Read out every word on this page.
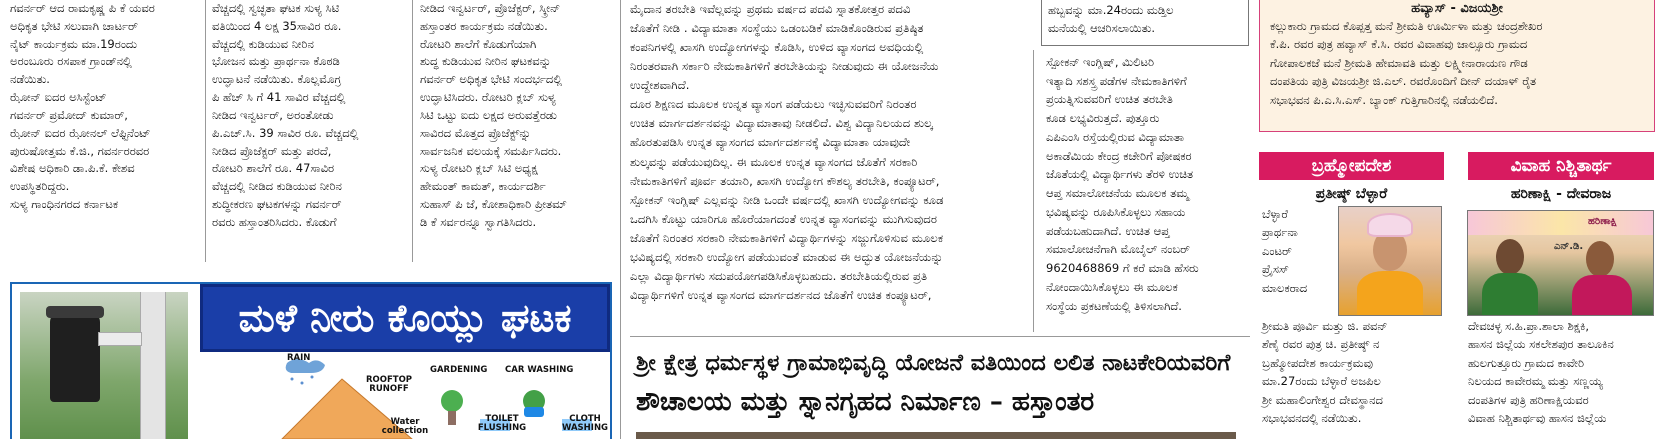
ಗವರ್ನರ್ ಆದ ರಾಮಕೃಷ್ಣ ಪಿ ಕೆ ಯವರ
ಅಧಿಕೃತ ಭೇಟಿ ಸಲುವಾಗಿ ಚಾರ್ಟರ್
ನೈಟ್ ಕಾರ್ಯಕ್ರಮ ಮಾ.19ರಂದು
ಅರಂಬೂರು ರಸಪಾಕ ಗ್ರಾಂಡ್‌ನಲ್ಲಿ
ನಡೆಯಿತು.
ಝೋನ್ ಐದರ ಅಸಿಸ್ಟೆಂಟ್
ಗವರ್ನರ್ ಪ್ರಮೋದ್ ಕುಮಾರ್,
ಝೋನ್ ಐದರ ಝೋನಲ್ ಲೆಫ್ಟಿನೆಂಟ್
ಪುರುಷೋತ್ತಮ ಕೆ.ಜಿ., ಗವರ್ನರರವರ
ವಿಶೇಷ ಅಧಿಕಾರಿ ಡಾ.ಪಿ.ಕೆ. ಕೇಶವ
ಉಪಸ್ಥಿತರಿದ್ದರು.
ಸುಳ್ಯ ಗಾಂಧಿನಗರದ ಕರ್ನಾಟಕ
ವೆಚ್ಚದಲ್ಲಿ ಸ್ವಚ್ಛತಾ ಘಟಕ ಸುಳ್ಯ ಸಿಟಿ
ವತಿಯಿಂದ 4 ಲಕ್ಷ 35ಸಾವಿರ ರೂ.
ವೆಚ್ಚದಲ್ಲಿ ಕುಡಿಯುವ ನೀರಿನ
ಭೋಜನ ಮತ್ತು ಪ್ರಾರ್ಥನಾ ಕೊಠಡಿ
ಉದ್ಘಾಟನೆ ನಡೆಯಿತು. ಕೊಲ್ಲಮೊಗ್ರ
ಪಿ ಹೆಚ್ ಸಿ ಗೆ 41 ಸಾವಿರ ವೆಚ್ಚದಲ್ಲಿ
ನೀಡಿದ ಇನ್ವರ್ಟರ್, ಅರಂತೋಡು
ಪಿ.ಎಚ್.ಸಿ. 39 ಸಾವಿರ ರೂ. ವೆಚ್ಚದಲ್ಲಿ
ನೀಡಿದ ಪ್ರೊಜೆಕ್ಟರ್ ಮತ್ತು ಪರದೆ,
ರೋಟರಿ ಶಾಲೆಗೆ ರೂ. 47ಸಾವಿರ
ವೆಚ್ಚದಲ್ಲಿ ನೀಡಿದ ಕುಡಿಯುವ ನೀರಿನ
ಶುದ್ಧೀಕರಣ ಘಟಕಗಳನ್ನು ಗವರ್ನರ್
ರವರು ಹಸ್ತಾಂತರಿಸಿದರು. ಕೊಡುಗೆ
ನೀಡಿದ ಇನ್ವರ್ಟರ್, ಪ್ರೊಜೆಕ್ಟರ್, ಸ್ಕ್ರೀನ್
ಹಸ್ತಾಂತರ ಕಾರ್ಯಕ್ರಮ ನಡೆಯಿತು.
ರೋಟರಿ ಶಾಲೆಗೆ ಕೊಡುಗೆಯಾಗಿ
ಶುದ್ಧ ಕುಡಿಯುವ ನೀರಿನ ಘಟಕವನ್ನು
ಗವರ್ನರ್ ಅಧಿಕೃತ ಭೇಟಿ ಸಂದರ್ಭದಲ್ಲಿ
ಉದ್ಘಾಟಿಸಿದರು. ರೋಟರಿ ಕ್ಲಬ್ ಸುಳ್ಯ
ಸಿಟಿ ಒಟ್ಟು ಐದು ಲಕ್ಷದ ಅರುವತ್ತೆರಡು
ಸಾವಿರದ ಮೊತ್ತದ ಪ್ರೊಜೆಕ್ಟ್‌ನ್ನು
ಸಾರ್ವಜನಿಕ ವಲಯಕ್ಕೆ ಸಮರ್ಪಿಸಿದರು.
ಸುಳ್ಯ ರೋಟರಿ ಕ್ಲಬ್ ಸಿಟಿ ಅಧ್ಯಕ್ಷ
ಹೇಮಂತ್ ಕಾಮತ್, ಕಾರ್ಯದರ್ಶಿ
ಸುಹಾಸ್ ಪಿ ಜೆ, ಕೋಶಾಧಿಕಾರಿ ಪ್ರೀತಮ್
ಡಿ ಕೆ ಸರ್ವರನ್ನೂ ಸ್ವಾಗತಿಸಿದರು.
ಮೈದಾನ ತರಬೇತಿ ಇವೆಲ್ಲವನ್ನು ಪ್ರಥಮ ವರ್ಷದ ಪದವಿ ಸ್ನಾತಕೋತ್ತರ ಪದವಿ
ಜೊತೆಗೆ ನೀಡಿ . ವಿದ್ಯಾಮಾತಾ ಸಂಸ್ಥೆಯು ಒಡಂಬಡಿಕೆ ಮಾಡಿಕೊಂಡಿರುವ ಪ್ರತಿಷ್ಠಿತ
ಕಂಪನಿಗಳಲ್ಲಿ ಖಾಸಗಿ ಉದ್ಯೋಗಗಳನ್ನು ಕೊಡಿಸಿ, ಉಳಿದ ವ್ಯಾಸಂಗದ ಅವಧಿಯಲ್ಲಿ
ನಿರಂತರವಾಗಿ ಸರ್ಕಾರಿ ನೇಮಕಾತಿಗಳಿಗೆ ತರಬೇತಿಯನ್ನು ನೀಡುವುದು ಈ ಯೋಜನೆಯ
ಉದ್ದೇಶವಾಗಿದೆ.
ದೂರ ಶಿಕ್ಷಣದ ಮೂಲಕ ಉನ್ನತ ವ್ಯಾಸಂಗ ಪಡೆಯಲು ಇಚ್ಛಿಸುವವರಿಗೆ ನಿರಂತರ
ಉಚಿತ ಮಾರ್ಗದರ್ಶನವನ್ನು ವಿದ್ಯಾಮಾತಾವು ನೀಡಲಿದೆ. ವಿಶ್ವ ವಿದ್ಯಾನಿಲಯದ ಶುಲ್ಕ
ಹೊರತುಪಡಿಸಿ ಉನ್ನತ ವ್ಯಾಸಂಗದ ಮಾರ್ಗದರ್ಶನಕ್ಕೆ ವಿದ್ಯಾಮಾತಾ ಯಾವುದೇ
ಶುಲ್ಕವನ್ನು ಪಡೆಯುವುದಿಲ್ಲ. ಈ ಮೂಲಕ ಉನ್ನತ ವ್ಯಾಸಂಗದ ಜೊತೆಗೆ ಸರಕಾರಿ
ನೇಮಕಾತಿಗಳಿಗೆ ಪೂರ್ವ ತಯಾರಿ, ಖಾಸಗಿ ಉದ್ಯೋಗ ಕೌಶಲ್ಯ ತರಬೇತಿ, ಕಂಪ್ಯೂಟರ್,
ಸ್ಪೋಕನ್ ಇಂಗ್ಲಿಷ್ ಎಲ್ಲವನ್ನು ನೀಡಿ ಒಂದೇ ವರ್ಷದಲ್ಲಿ ಖಾಸಗಿ ಉದ್ಯೋಗವನ್ನು ಕೂಡ
ಒದಗಿಸಿ ಕೊಟ್ಟು ಯಾರಿಗೂ ಹೊರೆಯಾಗದಂತೆ ಉನ್ನತ ವ್ಯಾಸಂಗವನ್ನು ಮುಗಿಸುವುದರ
ಜೊತೆಗೆ ನಿರಂತರ ಸರಕಾರಿ ನೇಮಕಾತಿಗಳಿಗೆ ವಿದ್ಯಾರ್ಥಿಗಳನ್ನು ಸಜ್ಜುಗೊಳಿಸುವ ಮೂಲಕ
ಭವಿಷ್ಯದಲ್ಲಿ ಸರಕಾರಿ ಉದ್ಯೋಗ ಪಡೆಯುವಂತೆ ಮಾಡುವ ಈ ಅದ್ಭುತ ಯೋಜನೆಯನ್ನು
ಎಲ್ಲಾ ವಿದ್ಯಾರ್ಥಿಗಳು ಸದುಪಯೋಗಪಡಿಸಿಕೊಳ್ಳಬಹುದು. ತರಬೇತಿಯಲ್ಲಿರುವ ಪ್ರತಿ
ವಿದ್ಯಾರ್ಥಿಗಳಿಗೆ ಉನ್ನತ ವ್ಯಾಸಂಗದ ಮಾರ್ಗದರ್ಶನದ ಜೊತೆಗೆ ಉಚಿತ ಕಂಪ್ಯೂಟರ್,
ಹಬ್ಬವನ್ನು ಮಾ.24ರಂದು ಮಡ್ತಿಲ
ಮನೆಯಲ್ಲಿ ಆಚರಿಸಲಾಯಿತು.
ಸ್ಪೋಕನ್ ಇಂಗ್ಲಿಷ್, ಮಿಲಿಟರಿ
ಇತ್ಯಾದಿ ಸಶಸ್ತ್ರ ಪಡೆಗಳ ನೇಮಕಾತಿಗಳಿಗೆ
ಪ್ರಯತ್ನಿಸುವವರಿಗೆ ಉಚಿತ ತರಬೇತಿ
ಕೂಡ ಲಭ್ಯವಿರುತ್ತದೆ. ಪುತ್ತೂರು
ಎಪಿಎಂಸಿ ರಸ್ತೆಯಲ್ಲಿರುವ ವಿದ್ಯಾಮಾತಾ
ಅಕಾಡೆಮಿಯ ಕೇಂದ್ರ ಕಚೇರಿಗೆ ಪೋಷಕರ
ಜೊತೆಯಲ್ಲಿ ವಿದ್ಯಾರ್ಥಿಗಳು ತೆರಳಿ ಉಚಿತ
ಆಪ್ತ ಸಮಾಲೋಚನೆಯ ಮೂಲಕ ತಮ್ಮ
ಭವಿಷ್ಯವನ್ನು ರೂಪಿಸಿಕೊಳ್ಳಲು ಸಹಾಯ
ಪಡೆಯಬಹುದಾಗಿದೆ. ಉಚಿತ ಆಪ್ತ
ಸಮಾಲೋಚನೆಗಾಗಿ ಮೊಬೈಲ್ ನಂಬರ್
9620468869 ಗೆ ಕರೆ ಮಾಡಿ ಹೆಸರು
ನೋಂದಾಯಿಸಿಕೊಳ್ಳಲು ಈ ಮೂಲಕ
ಸಂಸ್ಥೆಯ ಪ್ರಕಟಣೆಯಲ್ಲಿ ತಿಳಿಸಲಾಗಿದೆ.
ಶ್ರೀ ಕ್ಷೇತ್ರ ಧರ್ಮಸ್ಥಳ ಗ್ರಾಮಾಭಿವೃದ್ಧಿ ಯೋಜನೆ ವತಿಯಿಂದ ಲಲಿತ ನಾಟಕೇರಿಯವರಿಗೆ
ಶೌಚಾಲಯ ಮತ್ತು ಸ್ನಾನಗೃಹದ ನಿರ್ಮಾಣ – ಹಸ್ತಾಂತರ
ಮಳೆ ನೀರು ಕೊಯ್ಲು ಘಟಕ
RAIN
ROOFTOP RUNOFF
GARDENING CAR WASHING
TOILET FLUSHING
CLOTH WASHING
Water collection
ಹವ್ಯಾಸ್ - ವಿಜಯಶ್ರೀ
ಕಲ್ಲುಕಾರು ಗ್ರಾಮದ ಕೊಪ್ಪತ್ತ ಮನೆ ಶ್ರೀಮತಿ ಊರ್ಮಿಳಾ ಮತ್ತು ಚಂದ್ರಶೇಖರ
ಕೆ.ಪಿ. ರವರ ಪುತ್ರ ಹವ್ಯಾಸ್ ಕೆ.ಸಿ. ರವರ ವಿವಾಹವು ಜಾಲ್ಸೂರು ಗ್ರಾಮದ
ಗೋಪಾಲಕಜೆ ಮನೆ ಶ್ರೀಮತಿ ಹೇಮಾವತಿ ಮತ್ತು ಲಕ್ಷ್ಮೀನಾರಾಯಣ ಗೌಡ
ದಂಪತಿಯ ಪುತ್ರಿ ವಿಜಯಶ್ರೀ ಜಿ.ಎಲ್. ರವರೊಂದಿಗೆ ದೀನ್ ದಯಾಳ್ ರೈತ
ಸಭಾಭವನ ಪಿ.ಎ.ಸಿ.ಎಸ್. ಬ್ಯಾಂಕ್ ಗುತ್ತಿಗಾರಿನಲ್ಲಿ ನಡೆಯಲಿದೆ.
ಬ್ರಹ್ಮೋಪದೇಶ
ಪ್ರತೀಷ್ಠ್ ಬೆಳ್ಳಾರೆ
ಬೆಳ್ಳಾರೆ
ಪ್ರಾರ್ಥನಾ
ಎಂಟರ್
ಪ್ರೈಸಸ್
ಮಾಲಕರಾದ
ಶ್ರೀಮತಿ ಪೂರ್ವಿ ಮತ್ತು ಜಿ. ಪವನ್
ಶೆಣೈ ರವರ ಪುತ್ರ ಚಿ. ಪ್ರತೀಷ್ಠ್ ನ
ಬ್ರಹ್ಮೋಪದೇಶ ಕಾರ್ಯಕ್ರಮವು
ಮಾ.27ರಂದು ಬೆಳ್ಳಾರೆ ಅಜಪಿಲ
ಶ್ರೀ ಮಹಾಲಿಂಗೇಶ್ವರ ದೇವಸ್ಥಾನದ
ಸಭಾಭವನದಲ್ಲಿ ನಡೆಯಿತು.
ವಿವಾಹ ನಿಶ್ಚಿತಾರ್ಥ
ಹರಿಣಾಕ್ಷಿ - ದೇವರಾಜ
ಹರಿಣಾಕ್ಷಿ
ಎನ್.ಡಿ.
ದೇವಚಳ್ಳ ಸ.ಹಿ.ಪ್ರಾ.ಶಾಲಾ ಶಿಕ್ಷಕಿ,
ಹಾಸನ ಜಿಲ್ಲೆಯ ಸಕಲೇಶಪುರ ತಾಲೂಕಿನ
ಹುಲಗುತ್ತೂರು ಗ್ರಾಮದ ಕಾವೇರಿ
ನಿಲಯದ ಕಾವೇರಮ್ಮ ಮತ್ತು ಸಣ್ಣಯ್ಯ
ದಂಪತಿಗಳ ಪುತ್ರಿ ಹರಿಣಾಕ್ಷಿಯವರ
ವಿವಾಹ ನಿಶ್ಚಿತಾರ್ಥವು ಹಾಸನ ಜಿಲ್ಲೆಯ
